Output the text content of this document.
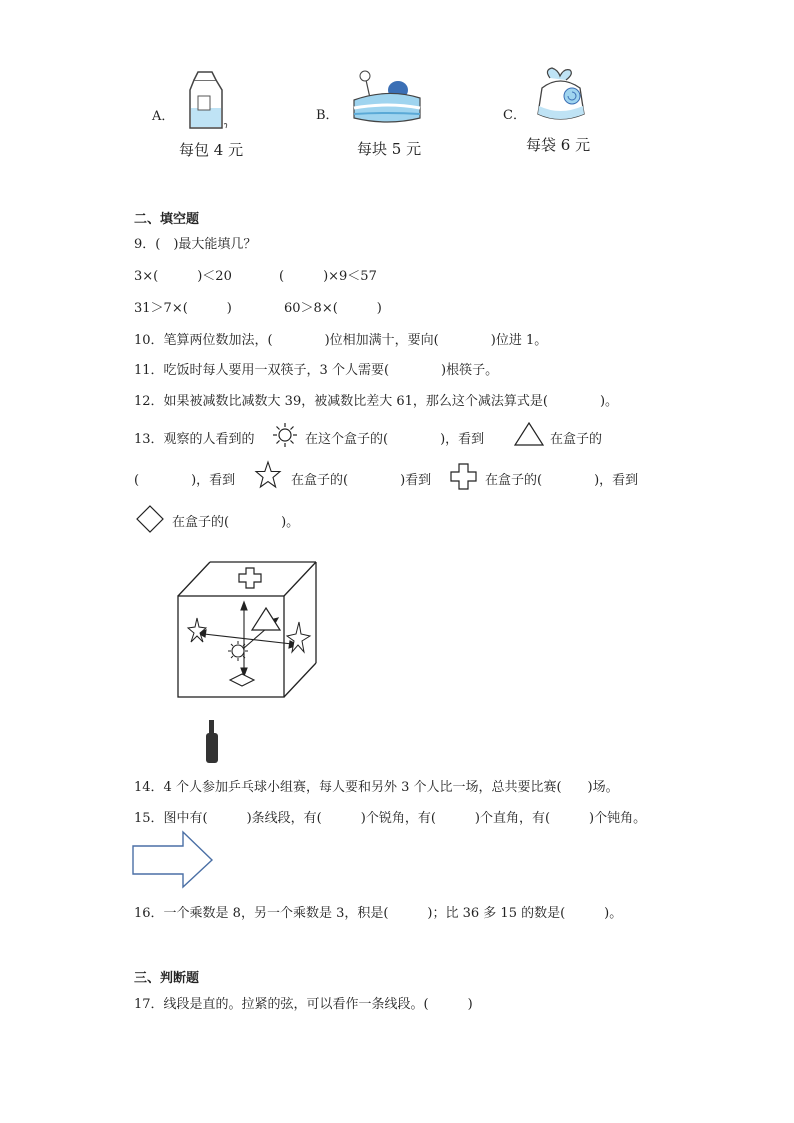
A．
每包 4 元
B．
每块 5 元
C．
每袋 6 元
二、填空题
9．(　)最大能填几？
3×(　　　)＜20	(　　　)×9＜57
31＞7×(　　　)	60＞8×(　　　)
10．笔算两位数加法，(　　　　)位相加满十，要向(　　　　)位进 1。
11．吃饭时每人要用一双筷子，3 个人需要(　　　　)根筷子。
12．如果被减数比减数大 39，被减数比差大 61，那么这个减法算式是(　　　　)。
13．观察的人看到的	在这个盒子的(　　　　)，看到	在盒子的
(　　　　)，看到	在盒子的(　　　　)看到	在盒子的(　　　　)，看到
在盒子的(　　　　)。
14．4 个人参加乒乓球小组赛，每人要和另外 3 个人比一场，总共要比赛(　　)场。
15．图中有(　　　)条线段，有(　　　)个锐角，有(　　　)个直角，有(　　　)个钝角。
16．一个乘数是 8，另一个乘数是 3，积是(　　　)；比 36 多 15 的数是(　　　)。
三、判断题
17．线段是直的。拉紧的弦，可以看作一条线段。(　　　)
